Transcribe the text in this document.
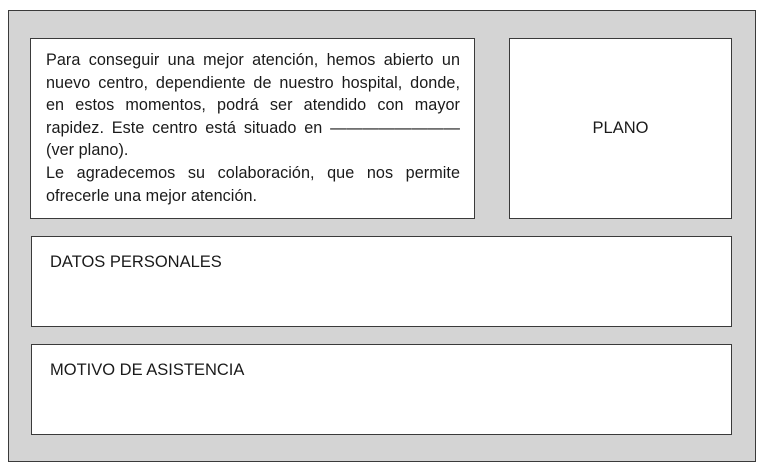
Para conseguir una mejor atención, hemos abierto un nuevo centro, dependiente de nuestro hospital, donde, en estos momentos, podrá ser atendido con mayor rapidez. Este centro está situado en ———————— (ver plano).

Le agradecemos su colaboración, que nos permite ofrecerle una mejor atención.

PLANO
DATOS PERSONALES
MOTIVO DE ASISTENCIA
